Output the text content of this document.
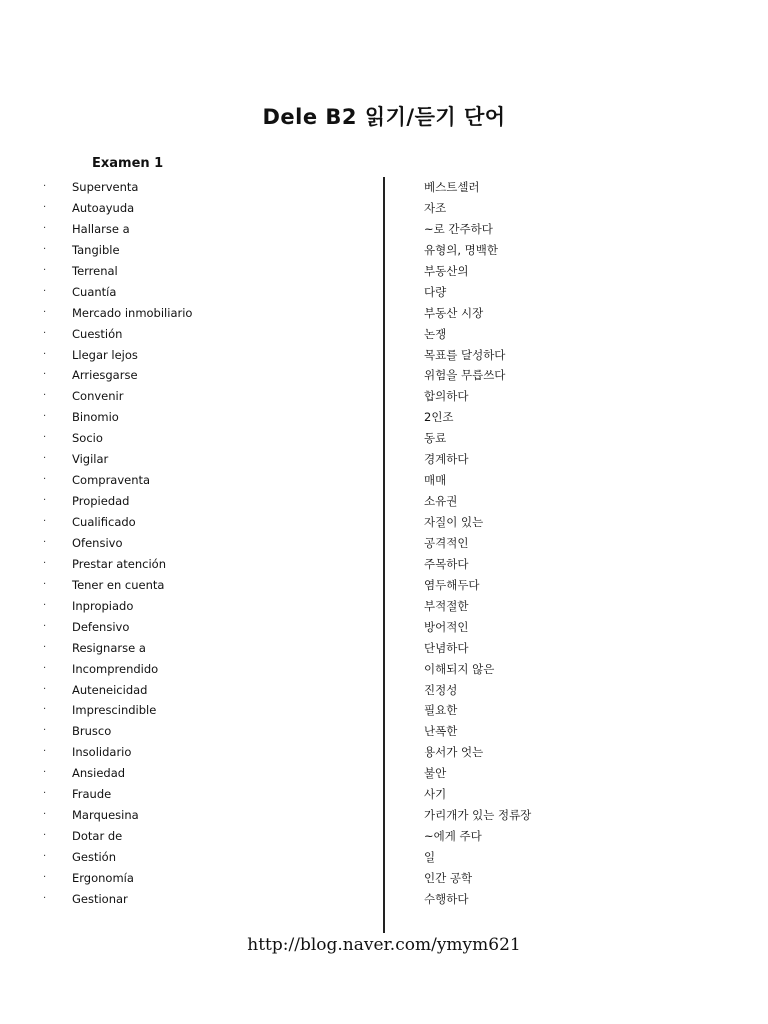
Dele B2 읽기/듣기 단어
Examen 1
·	Superventa	베스트셀러
·	Autoayuda	자조
·	Hallarse a	~로 간주하다
·	Tangible	유형의, 명백한
·	Terrenal	부동산의
·	Cuantía	다량
·	Mercado inmobiliario	부동산 시장
·	Cuestión	논쟁
·	Llegar lejos	목표를 달성하다
·	Arriesgarse	위험을 무릅쓰다
·	Convenir	합의하다
·	Binomio	2인조
·	Socio	동료
·	Vigilar	경계하다
·	Compraventa	매매
·	Propiedad	소유권
·	Cualificado	자질이 있는
·	Ofensivo	공격적인
·	Prestar atención	주목하다
·	Tener en cuenta	염두해두다
·	Inpropiado	부적절한
·	Defensivo	방어적인
·	Resignarse a	단념하다
·	Incomprendido	이해되지 않은
·	Auteneicidad	진정성
·	Imprescindible	필요한
·	Brusco	난폭한
·	Insolidario	용서가 엇는
·	Ansiedad	불안
·	Fraude	사기
·	Marquesina	가리개가 있는 정류장
·	Dotar de	~에게 주다
·	Gestión	일
·	Ergonomía	인간 공학
·	Gestionar	수행하다
http://blog.naver.com/ymym621
